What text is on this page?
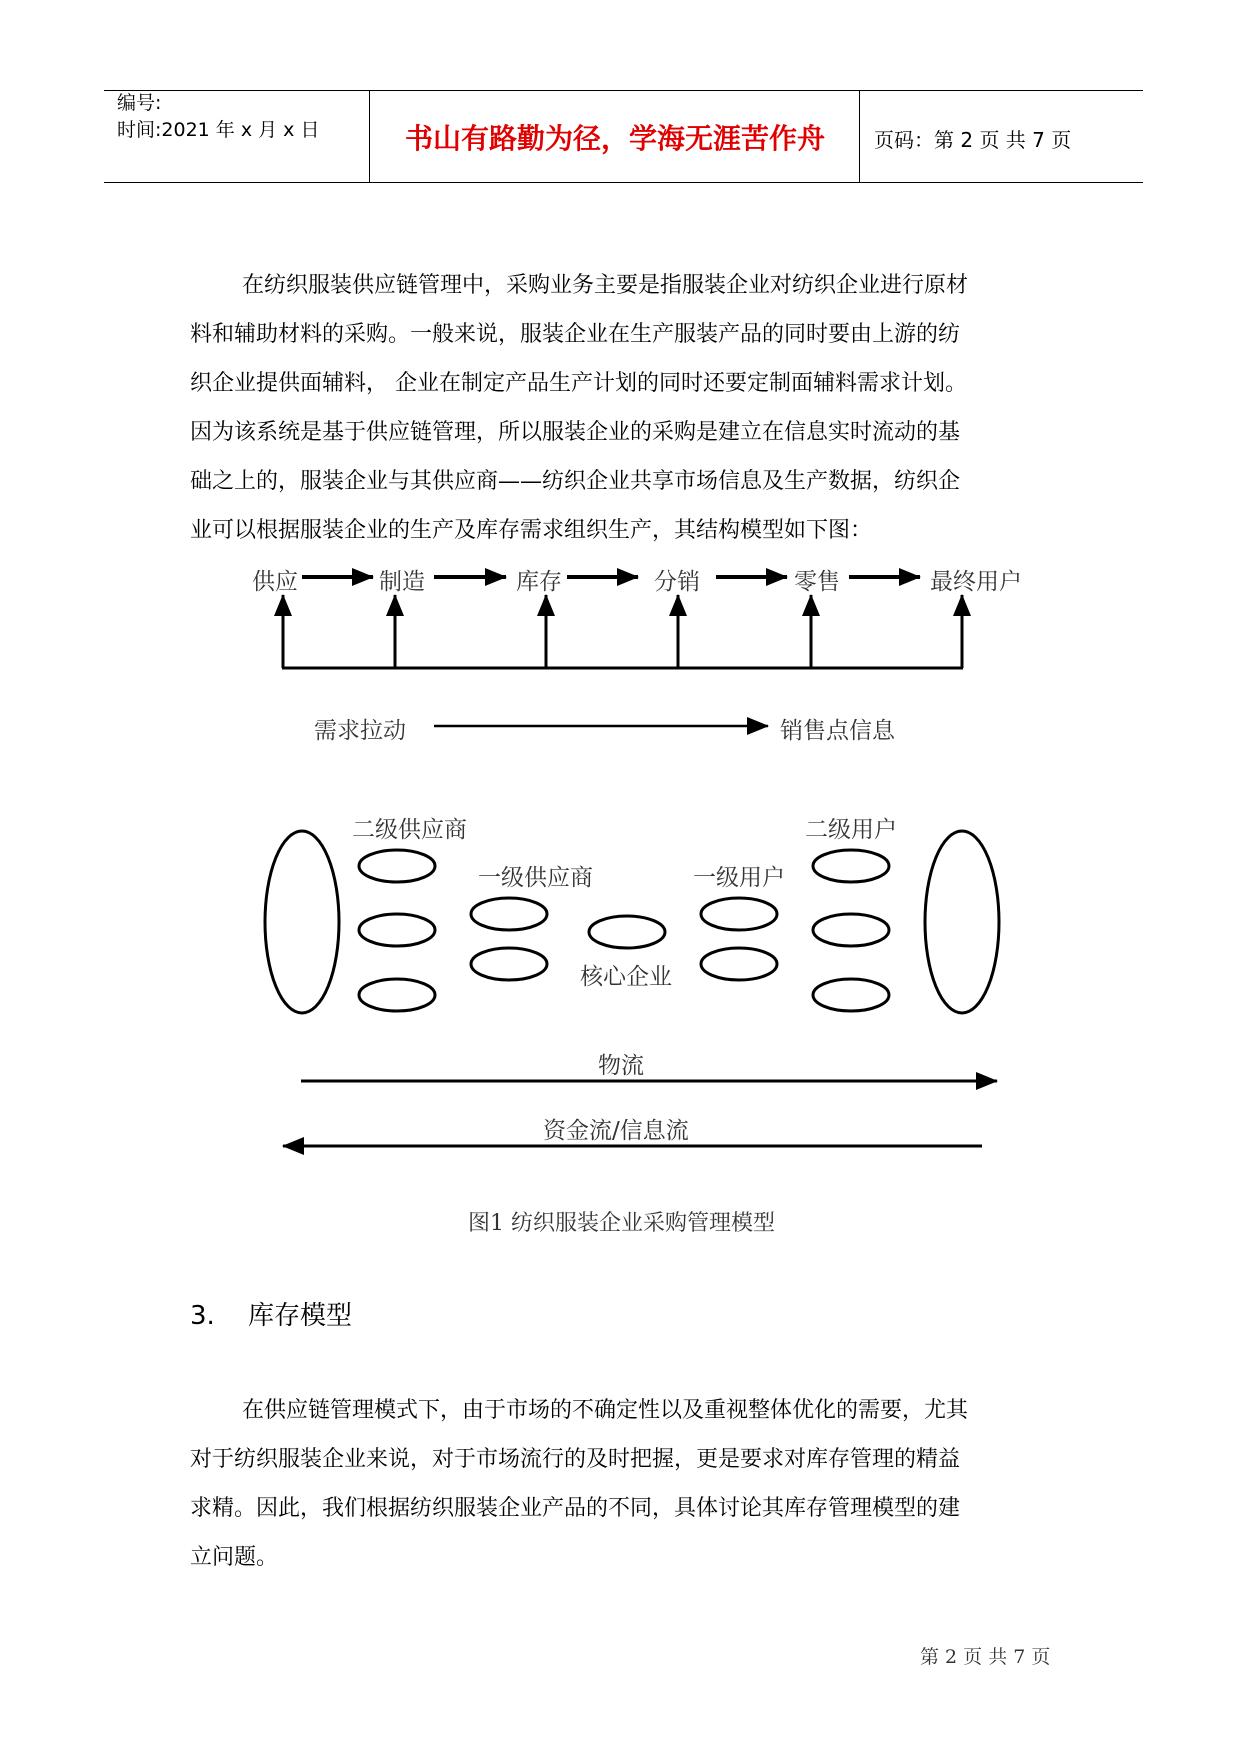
编号:
时间:2021 年 x 月 x 日	书山有路勤为径，学海无涯苦作舟	页码：第 2 页 共 7 页
在纺织服装供应链管理中，采购业务主要是指服装企业对纺织企业进行原材
料和辅助材料的采购。一般来说，服装企业在生产服装产品的同时要由上游的纺
织企业提供面辅料， 企业在制定产品生产计划的同时还要定制面辅料需求计划。
因为该系统是基于供应链管理，所以服装企业的采购是建立在信息实时流动的基
础之上的，服装企业与其供应商——纺织企业共享市场信息及生产数据，纺织企
业可以根据服装企业的生产及库存需求组织生产，其结构模型如下图：
供应	制造	库存	分销	零售	最终用户
需求拉动	销售点信息
二级供应商
一级供应商
核心企业
一级用户
二级用户
物流
资金流/信息流
图1 纺织服装企业采购管理模型
3. 库存模型
在供应链管理模式下，由于市场的不确定性以及重视整体优化的需要，尤其
对于纺织服装企业来说，对于市场流行的及时把握，更是要求对库存管理的精益
求精。因此，我们根据纺织服装企业产品的不同，具体讨论其库存管理模型的建
立问题。
第 2 页 共 7 页
